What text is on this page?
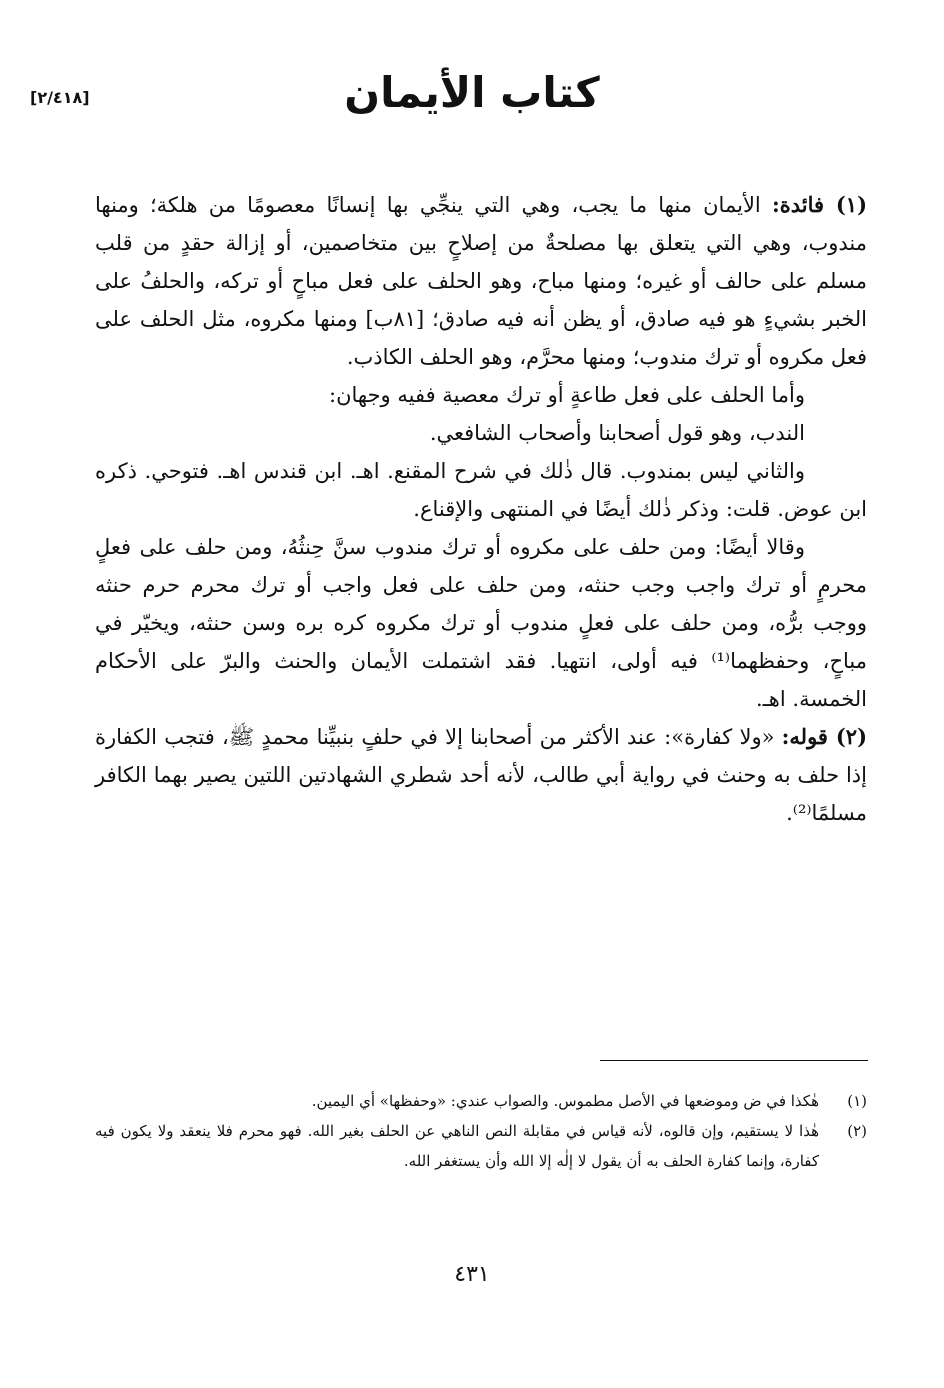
[٢/٤١٨]	كتاب الأيمان

(١) فائدة: الأيمان منها ما يجب، وهي التي ينجِّي بها إنسانًا معصومًا من هلكة؛ ومنها مندوب، وهي التي يتعلق بها مصلحةٌ من إصلاحٍ بين متخاصمين، أو إزالة حقدٍ من قلب مسلم على حالف أو غيره؛ ومنها مباح، وهو الحلف على فعل مباحٍ أو تركه، والحلفُ على الخبر بشيءٍ هو فيه صادق، أو يظن أنه فيه صادق؛ [٨١ب] ومنها مكروه، مثل الحلف على فعل مكروه أو ترك مندوب؛ ومنها محرَّم، وهو الحلف الكاذب.

وأما الحلف على فعل طاعةٍ أو ترك معصية ففيه وجهان:

الندب، وهو قول أصحابنا وأصحاب الشافعي.

والثاني ليس بمندوب. قال ذٰلك في شرح المقنع. اهـ. ابن قندس اهـ. فتوحي. ذكره ابن عوض. قلت: وذكر ذٰلك أيضًا في المنتهى والإقناع.

وقالا أيضًا: ومن حلف على مكروه أو ترك مندوب سنَّ حِنثُهُ، ومن حلف على فعلٍ محرمٍ أو ترك واجب وجب حنثه، ومن حلف على فعل واجب أو ترك محرم حرم حنثه ووجب برُّه، ومن حلف على فعلٍ مندوب أو ترك مكروه كره بره وسن حنثه، ويخيّر في مباحٍ، وحفظهما⁽¹⁾ فيه أولى، انتهيا. فقد اشتملت الأيمان والحنث والبرّ على الأحكام الخمسة. اهـ.

(٢) قوله: «ولا كفارة»: عند الأكثر من أصحابنا إلا في حلفٍ بنبيِّنا محمدٍ ﷺ، فتجب الكفارة إذا حلف به وحنث في رواية أبي طالب، لأنه أحد شطري الشهادتين اللتين يصير بهما الكافر مسلمًا⁽²⁾.

(١)
هٰكذا في ض وموضعها في الأصل مطموس. والصواب عندي: «وحفظها» أي اليمين.
(٢)
هٰذا لا يستقيم، وإن قالوه، لأنه قياس في مقابلة النص الناهي عن الحلف بغير الله. فهو محرم فلا ينعقد ولا يكون فيه كفارة، وإنما كفارة الحلف به أن يقول لا إلٰه إلا الله وأن يستغفر الله.
٤٣١
